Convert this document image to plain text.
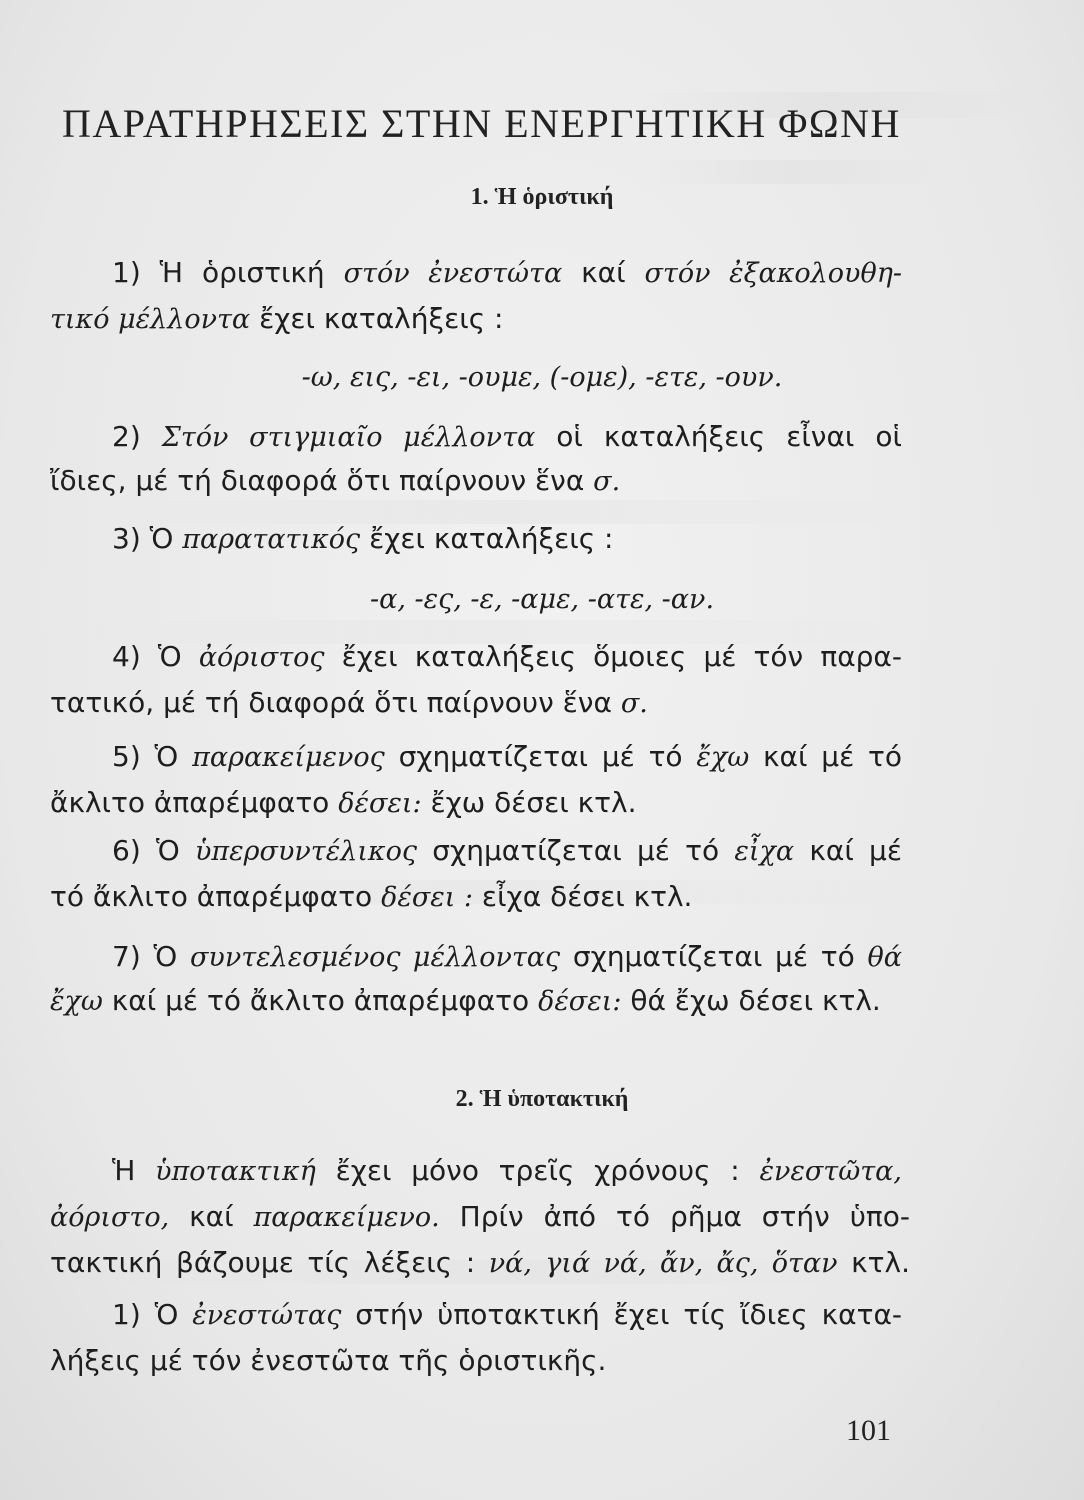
ΠΑΡΑΤΗΡΗΣΕΙΣ ΣΤΗΝ ΕΝΕΡΓΗΤΙΚΗ ΦΩΝΗ

1. Ἡ ὁριστική

1) Ἡ ὁριστική στόν ἐνεστώτα καί στόν ἐξακολουθη-

τικό μέλλοντα ἔχει καταλήξεις :

-ω, εις, -ει, -ουμε, (-ομε), -ετε, -ουν.

2) Στόν στιγμιαῖο μέλλοντα οἱ καταλήξεις εἶναι οἱ

ἴδιες, μέ τή διαφορά ὅτι παίρνουν ἕνα σ.

3) Ὁ παρατατικός ἔχει καταλήξεις :

-α, -ες, -ε, -αμε, -ατε, -αν.

4) Ὁ ἀόριστος ἔχει καταλήξεις ὅμοιες μέ τόν παρα-

τατικό, μέ τή διαφορά ὅτι παίρνουν ἕνα σ.

5) Ὁ παρακείμενος σχηματίζεται μέ τό ἔχω καί μέ τό

ἄκλιτο ἀπαρέμφατο δέσει: ἔχω δέσει κτλ.

6) Ὁ ὑπερσυντέλικος σχηματίζεται μέ τό εἶχα καί μέ

τό ἄκλιτο ἀπαρέμφατο δέσει : εἶχα δέσει κτλ.

7) Ὁ συντελεσμένος μέλλοντας σχηματίζεται μέ τό θά

ἔχω καί μέ τό ἄκλιτο ἀπαρέμφατο δέσει: θά ἔχω δέσει κτλ.

2. Ἡ ὑποτακτική

Ἡ ὑποτακτική ἔχει μόνο τρεῖς χρόνους : ἐνεστῶτα,

ἀόριστο, καί παρακείμενο. Πρίν ἀπό τό ρῆμα στήν ὑπο-

τακτική βάζουμε τίς λέξεις : νά, γιά νά, ἄν, ἄς, ὅταν κτλ.

1) Ὁ ἐνεστώτας στήν ὑποτακτική ἔχει τίς ἴδιες κατα-

λήξεις μέ τόν ἐνεστῶτα τῆς ὁριστικῆς.

101
